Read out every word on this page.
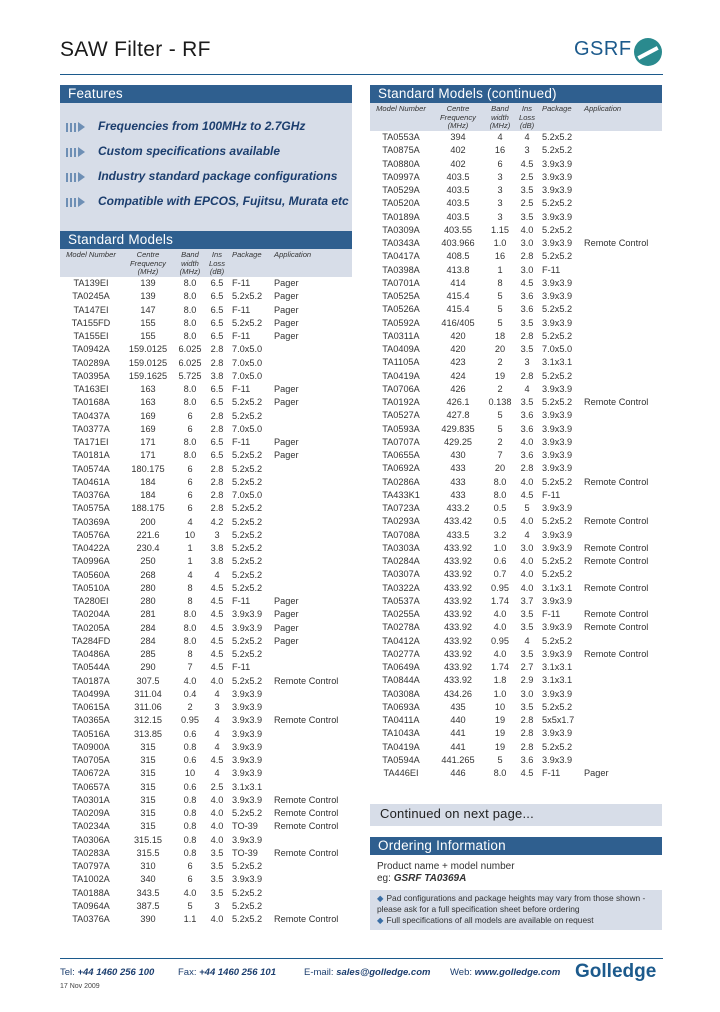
SAW Filter - RF	GSRF
Features
Frequencies from 100MHz to 2.7GHz
Custom specifications available
Industry standard package configurations
Compatible with EPCOS, Fujitsu, Murata etc
Standard Models
Model Number	Centre Frequency (MHz)	Band width (MHz)	Ins Loss (dB)	Package	Application
TA139EI	139	8.0	6.5	F-11	Pager
TA0245A	139	8.0	6.5	5.2x5.2	Pager
TA147EI	147	8.0	6.5	F-11	Pager
TA155FD	155	8.0	6.5	5.2x5.2	Pager
TA155EI	155	8.0	6.5	F-11	Pager
TA0942A	159.0125	6.025	2.8	7.0x5.0	
TA0289A	159.0125	6.025	2.8	7.0x5.0	
TA0395A	159.1625	5.725	3.8	7.0x5.0	
TA163EI	163	8.0	6.5	F-11	Pager
TA0168A	163	8.0	6.5	5.2x5.2	Pager
TA0437A	169	6	2.8	5.2x5.2	
TA0377A	169	6	2.8	7.0x5.0	
TA171EI	171	8.0	6.5	F-11	Pager
TA0181A	171	8.0	6.5	5.2x5.2	Pager
TA0574A	180.175	6	2.8	5.2x5.2	
TA0461A	184	6	2.8	5.2x5.2	
TA0376A	184	6	2.8	7.0x5.0	
TA0575A	188.175	6	2.8	5.2x5.2	
TA0369A	200	4	4.2	5.2x5.2	
TA0576A	221.6	10	3	5.2x5.2	
TA0422A	230.4	1	3.8	5.2x5.2	
TA0996A	250	1	3.8	5.2x5.2	
TA0560A	268	4	4	5.2x5.2	
TA0510A	280	8	4.5	5.2x5.2	
TA280EI	280	8	4.5	F-11	Pager
TA0204A	281	8.0	4.5	3.9x3.9	Pager
TA0205A	284	8.0	4.5	3.9x3.9	Pager
TA284FD	284	8.0	4.5	5.2x5.2	Pager
TA0486A	285	8	4.5	5.2x5.2	
TA0544A	290	7	4.5	F-11	
TA0187A	307.5	4.0	4.0	5.2x5.2	Remote Control
TA0499A	311.04	0.4	4	3.9x3.9	
TA0615A	311.06	2	3	3.9x3.9	
TA0365A	312.15	0.95	4	3.9x3.9	Remote Control
TA0516A	313.85	0.6	4	3.9x3.9	
TA0900A	315	0.8	4	3.9x3.9	
TA0705A	315	0.6	4.5	3.9x3.9	
TA0672A	315	10	4	3.9x3.9	
TA0657A	315	0.6	2.5	3.1x3.1	
TA0301A	315	0.8	4.0	3.9x3.9	Remote Control
TA0209A	315	0.8	4.0	5.2x5.2	Remote Control
TA0234A	315	0.8	4.0	TO-39	Remote Control
TA0306A	315.15	0.8	4.0	3.9x3.9	
TA0283A	315.5	0.8	3.5	TO-39	Remote Control
TA0797A	310	6	3.5	5.2x5.2	
TA1002A	340	6	3.5	3.9x3.9	
TA0188A	343.5	4.0	3.5	5.2x5.2	
TA0964A	387.5	5	3	5.2x5.2	
TA0376A	390	1.1	4.0	5.2x5.2	Remote Control
Standard Models (continued)
Model Number	Centre Frequency (MHz)	Band width (MHz)	Ins Loss (dB)	Package	Application
TA0553A	394	4	4	5.2x5.2	
TA0875A	402	16	3	5.2x5.2	
TA0880A	402	6	4.5	3.9x3.9	
TA0997A	403.5	3	2.5	3.9x3.9	
TA0529A	403.5	3	3.5	3.9x3.9	
TA0520A	403.5	3	2.5	5.2x5.2	
TA0189A	403.5	3	3.5	3.9x3.9	
TA0309A	403.55	1.15	4.0	5.2x5.2	
TA0343A	403.966	1.0	3.0	3.9x3.9	Remote Control
TA0417A	408.5	16	2.8	5.2x5.2	
TA0398A	413.8	1	3.0	F-11	
TA0701A	414	8	4.5	3.9x3.9	
TA0525A	415.4	5	3.6	3.9x3.9	
TA0526A	415.4	5	3.6	5.2x5.2	
TA0592A	416/405	5	3.5	3.9x3.9	
TA0311A	420	18	2.8	5.2x5.2	
TA0409A	420	20	3.5	7.0x5.0	
TA1105A	423	2	3	3.1x3.1	
TA0419A	424	19	2.8	5.2x5.2	
TA0706A	426	2	4	3.9x3.9	
TA0192A	426.1	0.138	3.5	5.2x5.2	Remote Control
TA0527A	427.8	5	3.6	3.9x3.9	
TA0593A	429.835	5	3.6	3.9x3.9	
TA0707A	429.25	2	4.0	3.9x3.9	
TA0655A	430	7	3.6	3.9x3.9	
TA0692A	433	20	2.8	3.9x3.9	
TA0286A	433	8.0	4.0	5.2x5.2	Remote Control
TA433K1	433	8.0	4.5	F-11	
TA0723A	433.2	0.5	5	3.9x3.9	
TA0293A	433.42	0.5	4.0	5.2x5.2	Remote Control
TA0708A	433.5	3.2	4	3.9x3.9	
TA0303A	433.92	1.0	3.0	3.9x3.9	Remote Control
TA0284A	433.92	0.6	4.0	5.2x5.2	Remote Control
TA0307A	433.92	0.7	4.0	5.2x5.2	
TA0322A	433.92	0.95	4.0	3.1x3.1	Remote Control
TA0537A	433.92	1.74	3.7	3.9x3.9	
TA0255A	433.92	4.0	3.5	F-11	Remote Control
TA0278A	433.92	4.0	3.5	3.9x3.9	Remote Control
TA0412A	433.92	0.95	4	5.2x5.2	
TA0277A	433.92	4.0	3.5	3.9x3.9	Remote Control
TA0649A	433.92	1.74	2.7	3.1x3.1	
TA0844A	433.92	1.8	2.9	3.1x3.1	
TA0308A	434.26	1.0	3.0	3.9x3.9	
TA0693A	435	10	3.5	5.2x5.2	
TA0411A	440	19	2.8	5x5x1.7	
TA1043A	441	19	2.8	3.9x3.9	
TA0419A	441	19	2.8	5.2x5.2	
TA0594A	441.265	5	3.6	3.9x3.9	
TA446EI	446	8.0	4.5	F-11	Pager
Continued on next page...
Ordering Information
Product name + model number
eg: GSRF TA0369A
◆ Pad configurations and package heights may vary from those shown - please ask for a full specification sheet before ordering
◆ Full specifications of all models are available on request
Tel: +44 1460 256 100 Fax: +44 1460 256 101	E-mail: sales@golledge.com Web: www.golledge.com Golledge
17 Nov 2009
